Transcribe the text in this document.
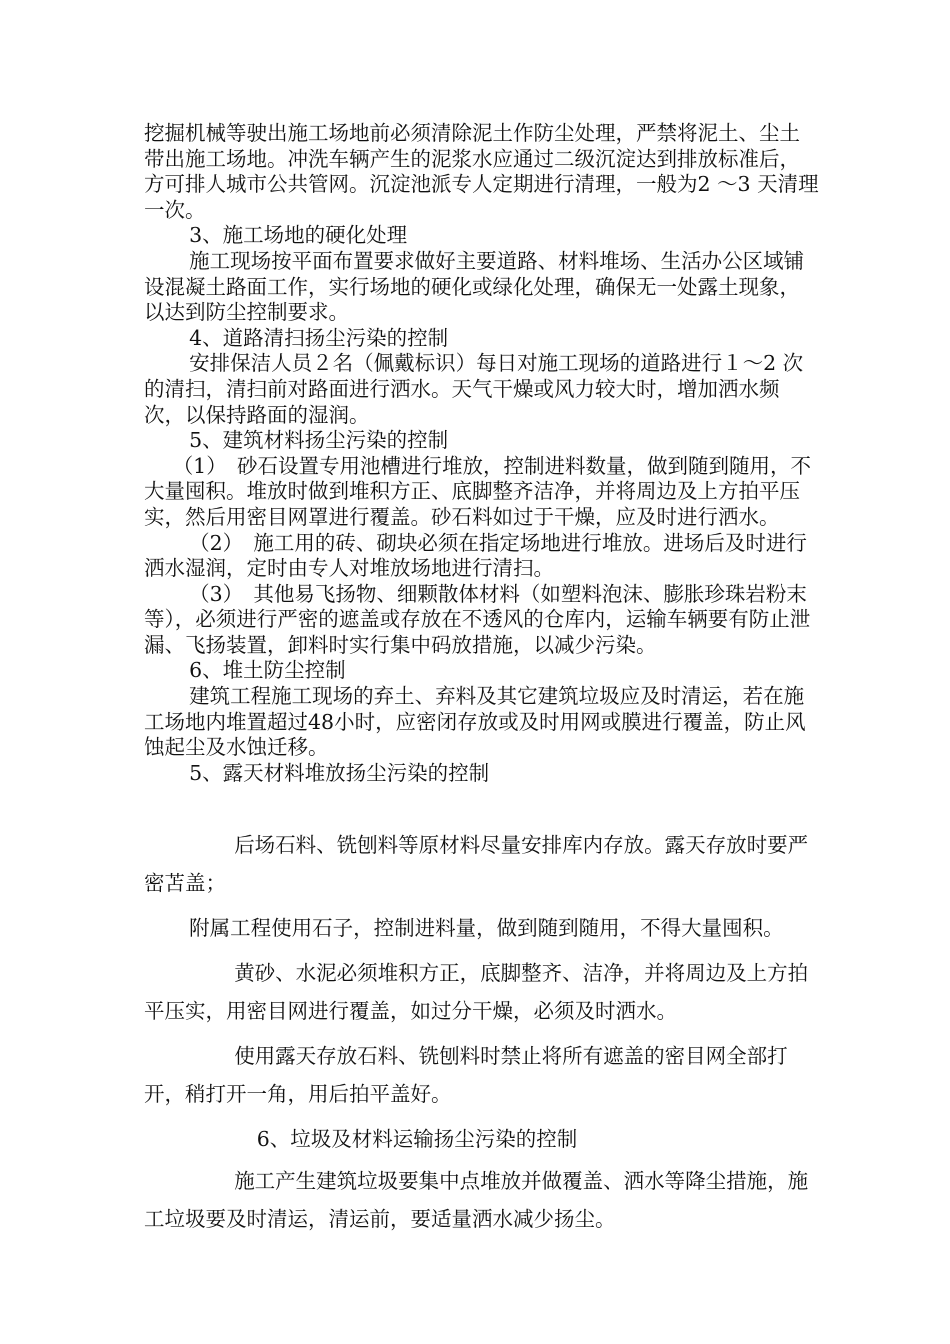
挖掘机械等驶出施工场地前必须清除泥土作防尘处理，严禁将泥土、尘土带出施工场地。冲洗车辆产生的泥浆水应通过二级沉淀达到排放标准后，方可排人城市公共管网。沉淀池派专人定期进行清理，一般为2 ～3 天清理一次。

3、施工场地的硬化处理

施工现场按平面布置要求做好主要道路、材料堆场、生活办公区域铺设混凝土路面工作，实行场地的硬化或绿化处理，确保无一处露土现象，以达到防尘控制要求。

4、道路清扫扬尘污染的控制

安排保洁人员２名（佩戴标识）每日对施工现场的道路进行１～2 次的清扫，清扫前对路面进行洒水。天气干燥或风力较大时，增加洒水频次，以保持路面的湿润。

5、建筑材料扬尘污染的控制

（1）　砂石设置专用池槽进行堆放，控制进料数量，做到随到随用，不大量囤积。堆放时做到堆积方正、底脚整齐洁净，并将周边及上方拍平压实，然后用密目网罩进行覆盖。砂石料如过于干燥，应及时进行洒水。

（2）　施工用的砖、砌块必须在指定场地进行堆放。进场后及时进行洒水湿润，定时由专人对堆放场地进行清扫。

（3）　其他易飞扬物、细颗散体材料（如塑料泡沫、膨胀珍珠岩粉末等），必须进行严密的遮盖或存放在不透风的仓库内，运输车辆要有防止泄漏、飞扬装置，卸料时实行集中码放措施，以减少污染。

6、堆土防尘控制

建筑工程施工现场的弃土、弃料及其它建筑垃圾应及时清运，若在施工场地内堆置超过48小时，应密闭存放或及时用网或膜进行覆盖，防止风蚀起尘及水蚀迁移。

5、露天材料堆放扬尘污染的控制

后场石料、铣刨料等原材料尽量安排库内存放。露天存放时要严密苫盖；

附属工程使用石子，控制进料量，做到随到随用，不得大量囤积。

黄砂、水泥必须堆积方正，底脚整齐、洁净，并将周边及上方拍平压实，用密目网进行覆盖，如过分干燥，必须及时洒水。

使用露天存放石料、铣刨料时禁止将所有遮盖的密目网全部打开，稍打开一角，用后拍平盖好。

6、垃圾及材料运输扬尘污染的控制

施工产生建筑垃圾要集中点堆放并做覆盖、洒水等降尘措施，施工垃圾要及时清运，清运前，要适量洒水减少扬尘。
